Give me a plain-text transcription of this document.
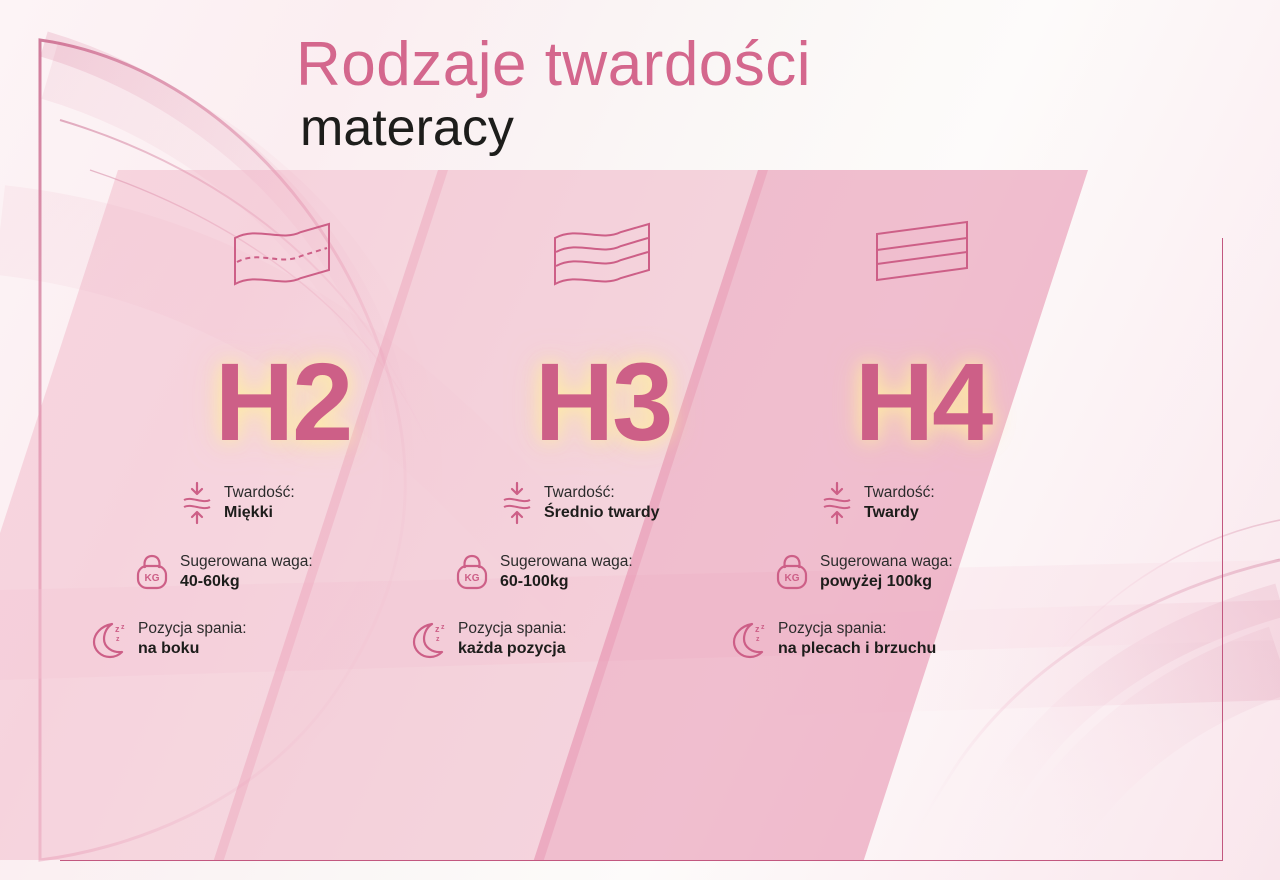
Rodzaje twardości
materacy
H2
Twardość:
Miękki
KG
Sugerowana waga:
40-60kg
z z
z
Pozycja spania:
na boku
H3
Twardość:
Średnio twardy
KG
Sugerowana waga:
60-100kg
z z
z
Pozycja spania:
każda pozycja
H4
Twardość:
Twardy
KG
Sugerowana waga:
powyżej 100kg
z z
z
Pozycja spania:
na plecach i brzuchu
